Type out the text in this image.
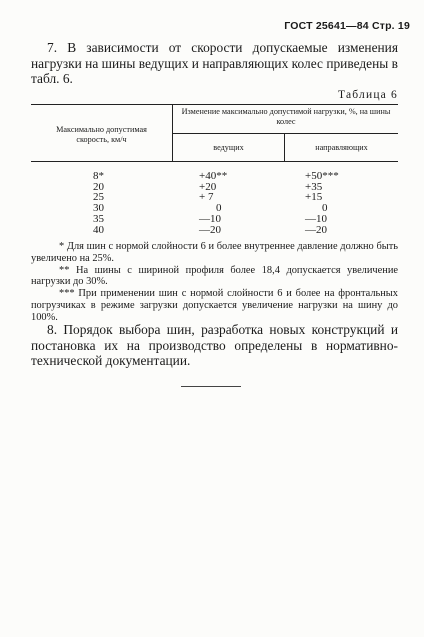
ГОСТ 25641—84 Стр. 19

7. В зависимости от скорости допускаемые изменения нагрузки на шины ведущих и направляющих колес приведены в табл. 6.

Таблица 6
Максимально допустимая скорость, км/ч
Изменение максимально допустимой нагрузки, %, на шины колес
ведущих	направляющих
8*
20
25
30
35
40
+40**
+20
+ 7
0
—10
—20
+50***
+35
+15
0
—10
—20
* Для шин с нормой слойности 6 и более внутреннее давление должно быть увеличено на 25%.
** На шины с шириной профиля более 18,4 допускается увеличение нагрузки до 30%.
*** При применении шин с нормой слойности 6 и более на фронтальных погрузчиках в режиме загрузки допускается увеличение нагрузки на шину до 100%.

8. Порядок выбора шин, разработка новых конструкций и постановка их на производство определены в нормативно-технической документации.
